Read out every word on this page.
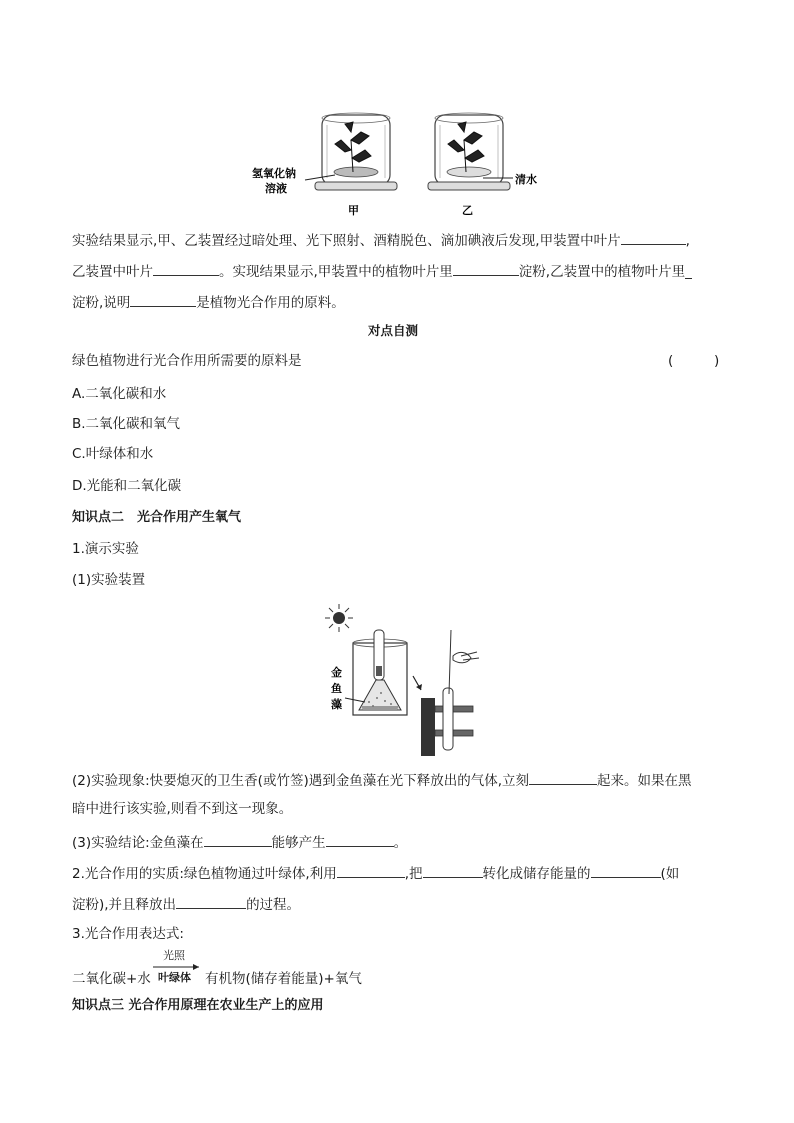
氢氧化钠
溶液
甲
清水
乙
实验结果显示,甲、乙装置经过暗处理、光下照射、酒精脱色、滴加碘液后发现,甲装置中叶片	,
乙装置中叶片	。实现结果显示,甲装置中的植物叶片里	淀粉,乙装置中的植物叶片里_
淀粉,说明	是植物光合作用的原料。
对点自测
绿色植物进行光合作用所需要的原料是	(	)
A.二氧化碳和水
B.二氧化碳和氧气
C.叶绿体和水
D.光能和二氧化碳
知识点二　光合作用产生氧气
1.演示实验
(1)实验装置
金
鱼
藻
(2)实验现象:快要熄灭的卫生香(或竹签)遇到金鱼藻在光下释放出的气体,立刻	起来。如果在黑
暗中进行该实验,则看不到这一现象。
(3)实验结论:金鱼藻在	能够产生	。
2.光合作用的实质:绿色植物通过叶绿体,利用	,把	转化成储存能量的	(如
淀粉),并且释放出	的过程。
3.光合作用表达式:
二氧化碳+水
光照
叶绿体 有机物(储存着能量)+氧气
知识点三 光合作用原理在农业生产上的应用
